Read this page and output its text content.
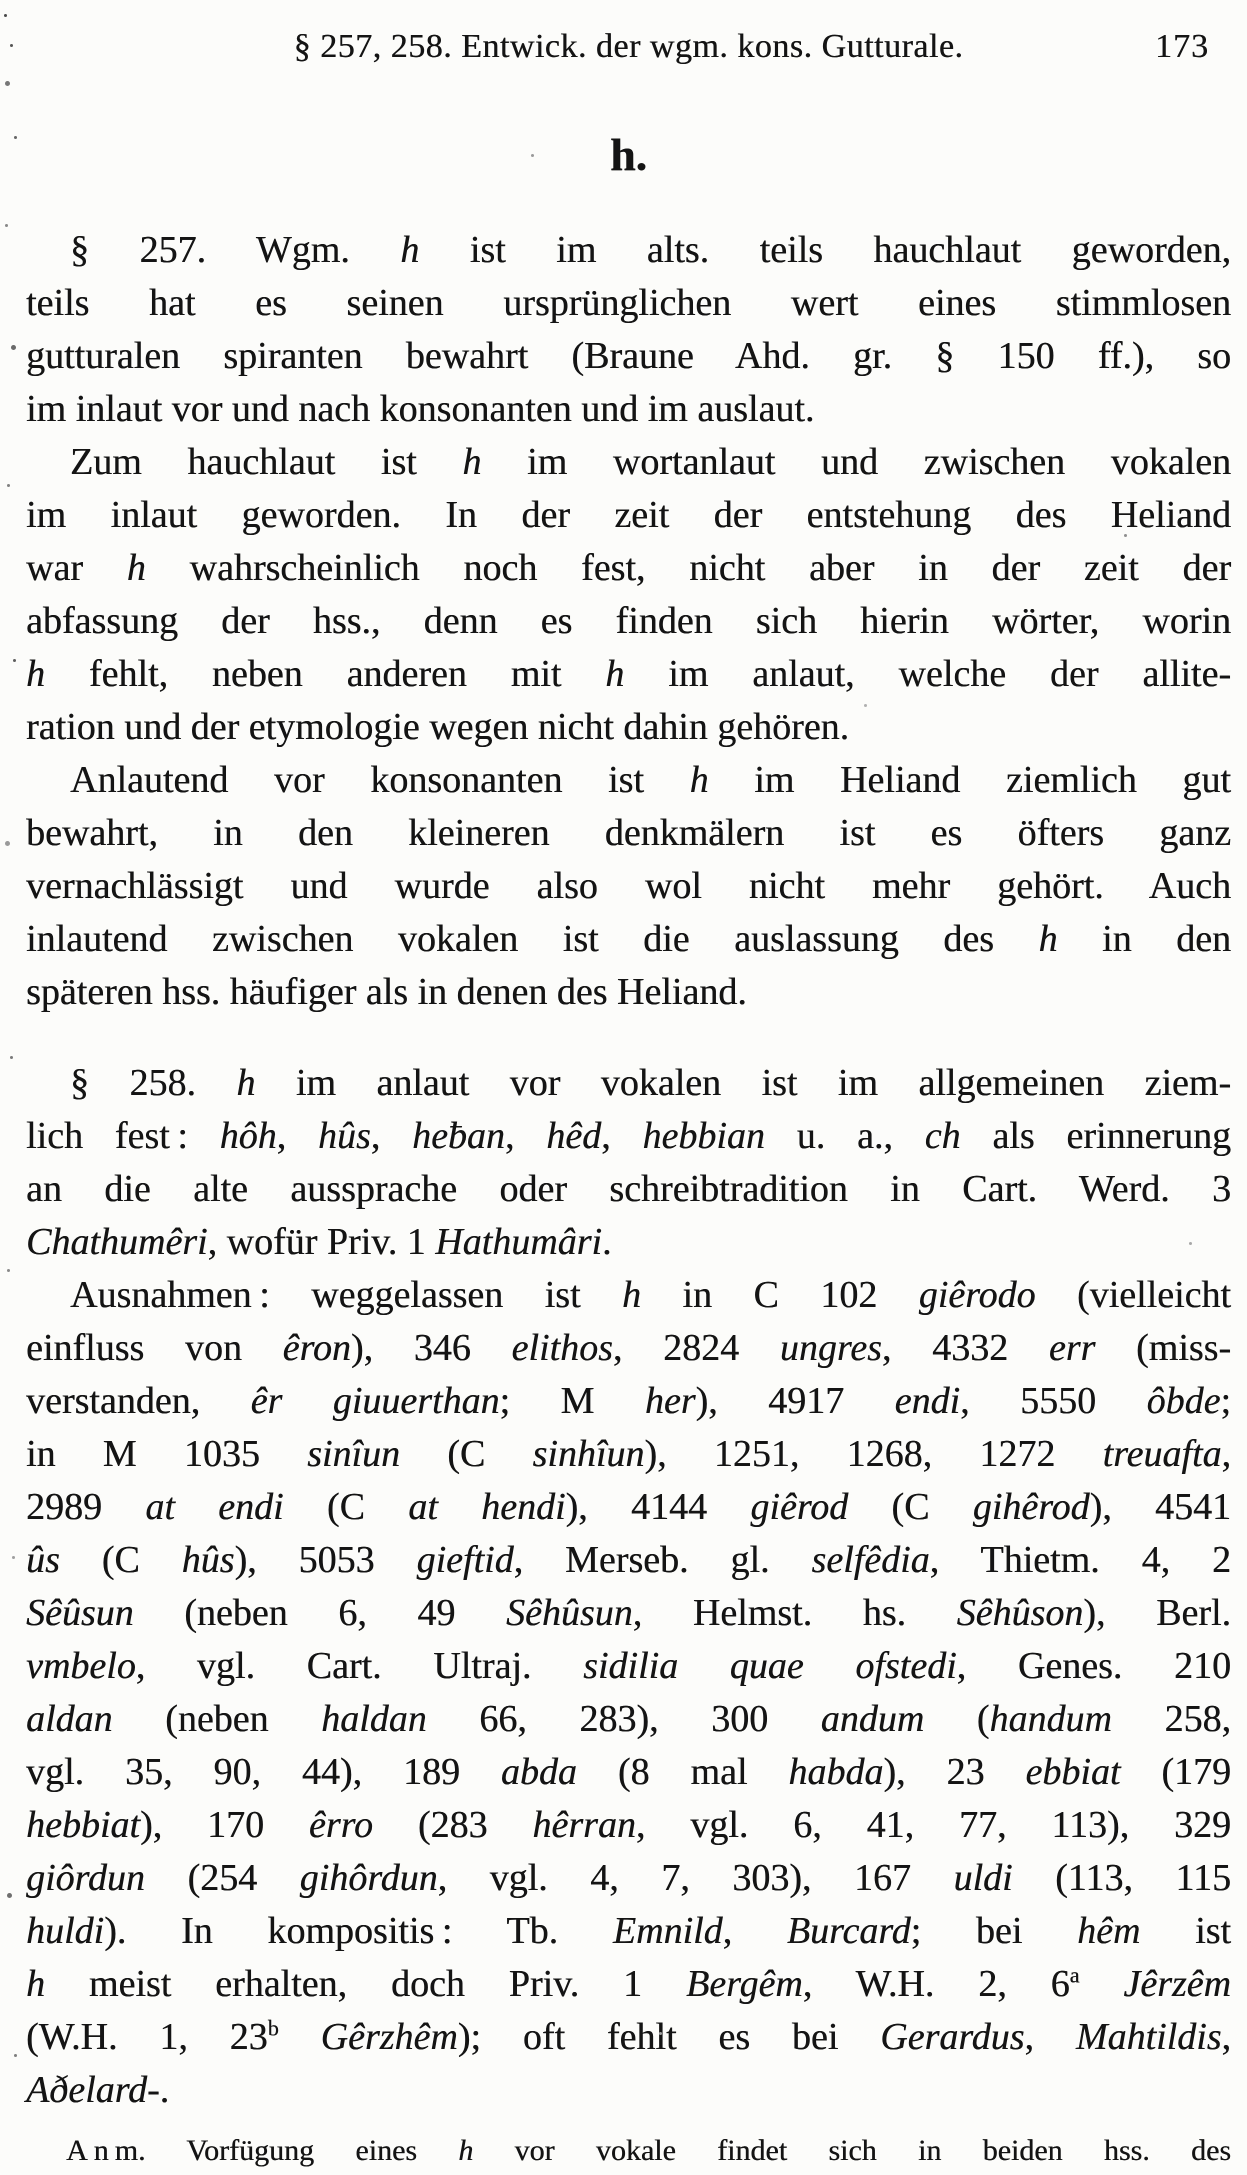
§ 257, 258. Entwick. der wgm. kons. Gutturale.	173
h.
§ 257. Wgm. h ist im alts. teils hauchlaut geworden,
teils hat es seinen ursprünglichen wert eines stimmlosen
gutturalen spiranten bewahrt (Braune Ahd. gr. § 150 ff.), so
im inlaut vor und nach konsonanten und im auslaut.
Zum hauchlaut ist h im wortanlaut und zwischen vokalen
im inlaut geworden. In der zeit der entstehung des Heliand
war h wahrscheinlich noch fest, nicht aber in der zeit der
abfassung der hss., denn es finden sich hierin wörter, worin
h fehlt, neben anderen mit h im anlaut, welche der allite-
ration und der etymologie wegen nicht dahin gehören.
Anlautend vor konsonanten ist h im Heliand ziemlich gut
bewahrt, in den kleineren denkmälern ist es öfters ganz
vernachlässigt und wurde also wol nicht mehr gehört. Auch
inlautend zwischen vokalen ist die auslassung des h in den
späteren hss. häufiger als in denen des Heliand.
§ 258. h im anlaut vor vokalen ist im allgemeinen ziem-
lich fest : hôh, hûs, heƀan, hêd, hebbian u. a., ch als erinnerung
an die alte aussprache oder schreibtradition in Cart. Werd. 3
Chathumêri, wofür Priv. 1 Hathumâri.
Ausnahmen : weggelassen ist h in C 102 giêrodo (vielleicht
einfluss von êron), 346 elithos, 2824 ungres, 4332 err (miss-
verstanden, êr giuuerthan; M her), 4917 endi, 5550 ôbde;
in M 1035 sinîun (C sinhîun), 1251, 1268, 1272 treuafta,
2989 at endi (C at hendi), 4144 giêrod (C gihêrod), 4541
ûs (C hûs), 5053 gieftid, Merseb. gl. selfêdia, Thietm. 4, 2
Sêûsun (neben 6, 49 Sêhûsun, Helmst. hs. Sêhûson), Berl.
vmbelo, vgl. Cart. Ultraj. sidilia quae ofstedi, Genes. 210
aldan (neben haldan 66, 283), 300 andum (handum 258,
vgl. 35, 90, 44), 189 abda (8 mal habda), 23 ebbiat (179
hebbiat), 170 êrro (283 hêrran, vgl. 6, 41, 77, 113), 329
giôrdun (254 gihôrdun, vgl. 4, 7, 303), 167 uldi (113, 115
huldi). In kompositis : Tb. Emnild, Burcard; bei hêm ist
h meist erhalten, doch Priv. 1 Bergêm, W.H. 2, 6$^a$ Jêrzêm
(W.H. 1, 23$^b$ Gêrzhêm); oft fehlt es bei Gerardus, Mahtildis,
Aðelard-.
A n m. Vorfügung eines h vor vokale findet sich in beiden hss. des
